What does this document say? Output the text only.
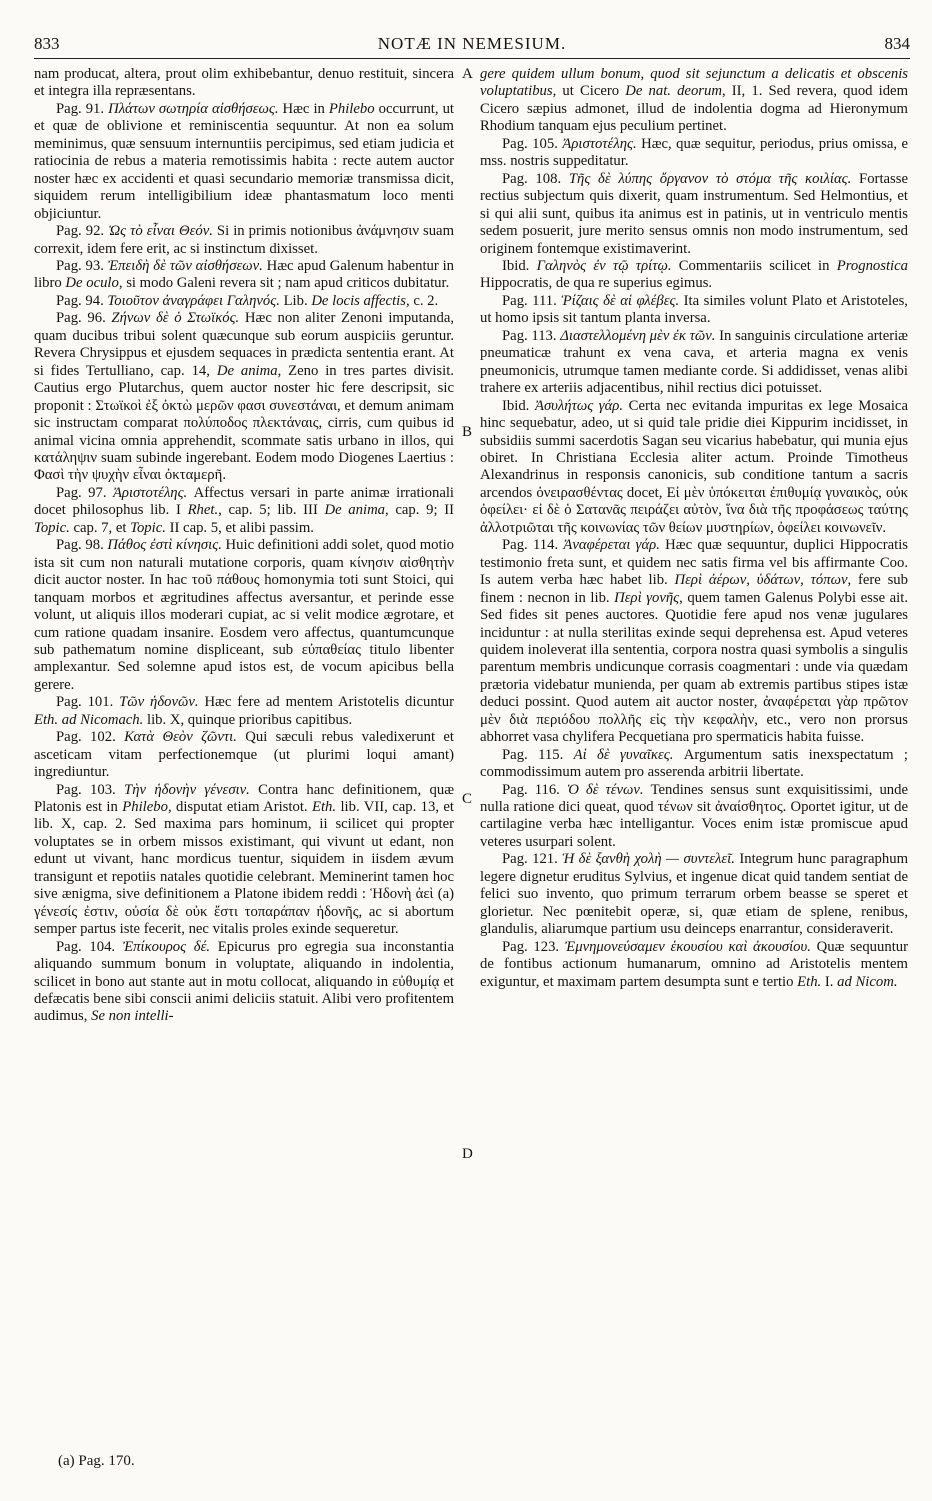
833	NOTÆ IN NEMESIUM.	834

nam producat, altera, prout olim exhibebantur, denuo restituit, sincera et integra illa repræsentans.

Pag. 91. Πλάτων σωτηρία αἰσθήσεως. Hæc in Philebo occurrunt, ut et quæ de oblivione et reminiscentia sequuntur. At non ea solum meminimus, quæ sensuum internuntiis percipimus, sed etiam judicia et ratiocinia de rebus a materia remotissimis habita : recte autem auctor noster hæc ex accidenti et quasi secundario memoriæ transmissa dicit, siquidem rerum intelligibilium ideæ phantasmatum loco menti objiciuntur.

Pag. 92. Ὡς τὸ εἶναι Θεόν. Si in primis notionibus ἀνάμνησιν suam correxit, idem fere erit, ac si instinctum dixisset.

Pag. 93. Ἐπειδὴ δὲ τῶν αἰσθήσεων. Hæc apud Galenum habentur in libro De oculo, si modo Galeni revera sit ; nam apud criticos dubitatur.

Pag. 94. Τοιοῦτον ἀναγράφει Γαληνός. Lib. De locis affectis, c. 2.

Pag. 96. Ζήνων δὲ ὁ Στωϊκός. Hæc non aliter Zenoni imputanda, quam ducibus tribui solent quæcunque sub eorum auspiciis geruntur. Revera Chrysippus et ejusdem sequaces in prædicta sententia erant. At si fides Tertulliano, cap. 14, De anima, Zeno in tres partes divisit. Cautius ergo Plutarchus, quem auctor noster hic fere descripsit, sic proponit : Στωϊκοὶ ἐξ ὀκτὼ μερῶν φασι συνεστάναι, et demum animam sic instructam comparat πολύποδος πλεκτάναις, cirris, cum quibus id animal vicina omnia apprehendit, scommate satis urbano in illos, qui κατάληψιν suam subinde ingerebant. Eodem modo Diogenes Laertius : Φασὶ τὴν ψυχὴν εἶναι ὀκταμερῆ.

Pag. 97. Ἀριστοτέλης. Affectus versari in parte animæ irrationali docet philosophus lib. I Rhet., cap. 5; lib. III De anima, cap. 9; II Topic. cap. 7, et Topic. II cap. 5, et alibi passim.

Pag. 98. Πάθος ἐστὶ κίνησις. Huic definitioni addi solet, quod motio ista sit cum non naturali mutatione corporis, quam κίνησιν αἰσθητὴν dicit auctor noster. In hac τοῦ πάθους homonymia toti sunt Stoici, qui tanquam morbos et ægritudines affectus aversantur, et perinde esse volunt, ut aliquis illos moderari cupiat, ac si velit modice ægrotare, et cum ratione quadam insanire. Eosdem vero affectus, quantumcunque sub pathematum nomine displiceant, sub εὐπαθείας titulo libenter amplexantur. Sed solemne apud istos est, de vocum apicibus bella gerere.

Pag. 101. Τῶν ἡδονῶν. Hæc fere ad mentem Aristotelis dicuntur Eth. ad Nicomach. lib. X, quinque prioribus capitibus.

Pag. 102. Κατὰ Θεὸν ζῶντι. Qui sæculi rebus valedixerunt et asceticam vitam perfectionemque (ut plurimi loqui amant) ingrediuntur.

Pag. 103. Τὴν ἡδονὴν γένεσιν. Contra hanc definitionem, quæ Platonis est in Philebo, disputat etiam Aristot. Eth. lib. VII, cap. 13, et lib. X, cap. 2. Sed maxima pars hominum, ii scilicet qui propter voluptates se in orbem missos existimant, qui vivunt ut edant, non edunt ut vivant, hanc mordicus tuentur, siquidem in iisdem ævum transigunt et repotiis natales quotidie celebrant. Meminerint tamen hoc sive ænigma, sive definitionem a Platone ibidem reddi : Ἡδονὴ ἀεὶ (a) γένεσίς ἐστιν, οὐσία δὲ οὐκ ἔστι τοπαράπαν ἡδονῆς, ac si abortum semper partus iste fecerit, nec vitalis proles exinde sequeretur.

Pag. 104. Ἐπίκουρος δέ. Epicurus pro egregia sua inconstantia aliquando summum bonum in voluptate, aliquando in indolentia, scilicet in bono aut stante aut in motu collocat, aliquando in εὐθυμίᾳ et defæcatis bene sibi conscii animi deliciis statuit. Alibi vero profitentem audimus, Se non intelli-

gere quidem ullum bonum, quod sit sejunctum a delicatis et obscenis voluptatibus, ut Cicero De nat. deorum, II, 1. Sed revera, quod idem Cicero sæpius admonet, illud de indolentia dogma ad Hieronymum Rhodium tanquam ejus peculium pertinet.

Pag. 105. Ἀριστοτέλης. Hæc, quæ sequitur, periodus, prius omissa, e mss. nostris suppeditatur.

Pag. 108. Τῆς δὲ λύπης ὄργανον τὸ στόμα τῆς κοιλίας. Fortasse rectius subjectum quis dixerit, quam instrumentum. Sed Helmontius, et si qui alii sunt, quibus ita animus est in patinis, ut in ventriculo mentis sedem posuerit, jure merito sensus omnis non modo instrumentum, sed originem fontemque existimaverint.

Ibid. Γαληνὸς ἐν τῷ τρίτῳ. Commentariis scilicet in Prognostica Hippocratis, de qua re superius egimus.

Pag. 111. Ῥίζαις δὲ αἱ φλέβες. Ita similes volunt Plato et Aristoteles, ut homo ipsis sit tantum planta inversa.

Pag. 113. Διαστελλομένη μὲν ἐκ τῶν. In sanguinis circulatione arteriæ pneumaticæ trahunt ex vena cava, et arteria magna ex venis pneumonicis, utrumque tamen mediante corde. Si addidisset, venas alibi trahere ex arteriis adjacentibus, nihil rectius dici potuisset.

Ibid. Ἀσυλήτως γάρ. Certa nec evitanda impuritas ex lege Mosaica hinc sequebatur, adeo, ut si quid tale pridie diei Kippurim incidisset, in subsidiis summi sacerdotis Sagan seu vicarius habebatur, qui munia ejus obiret. In Christiana Ecclesia aliter actum. Proinde Timotheus Alexandrinus in responsis canonicis, sub conditione tantum a sacris arcendos ὀνειρασθέντας docet, Εἰ μὲν ὑπόκειται ἐπιθυμίᾳ γυναικὸς, οὐκ ὀφείλει· εἰ δὲ ὁ Σατανᾶς πειράζει αὐτὸν, ἵνα διὰ τῆς προφάσεως ταύτης ἀλλοτριῶται τῆς κοινωνίας τῶν θείων μυστηρίων, ὀφείλει κοινωνεῖν.

Pag. 114. Ἀναφέρεται γάρ. Hæc quæ sequuntur, duplici Hippocratis testimonio freta sunt, et quidem nec satis firma vel bis affirmante Coo. Is autem verba hæc habet lib. Περὶ ἀέρων, ὑδάτων, τόπων, fere sub finem : necnon in lib. Περὶ γονῆς, quem tamen Galenus Polybi esse ait. Sed fides sit penes auctores. Quotidie fere apud nos venæ jugulares inciduntur : at nulla sterilitas exinde sequi deprehensa est. Apud veteres quidem inoleverat illa sententia, corpora nostra quasi symbolis a singulis parentum membris undicunque corrasis coagmentari : unde via quædam prætoria videbatur munienda, per quam ab extremis partibus stipes istæ deduci possint. Quod autem ait auctor noster, ἀναφέρεται γὰρ πρῶτον μὲν διὰ περιόδου πολλῆς εἰς τὴν κεφαλὴν, etc., vero non prorsus abhorret vasa chylifera Pecquetiana pro spermaticis habita fuisse.

Pag. 115. Αἱ δὲ γυναῖκες. Argumentum satis inexspectatum ; commodissimum autem pro asserenda arbitrii libertate.

Pag. 116. Ὁ δὲ τένων. Tendines sensus sunt exquisitissimi, unde nulla ratione dici queat, quod τένων sit ἀναίσθητος. Oportet igitur, ut de cartilagine verba hæc intelligantur. Voces enim istæ promiscue apud veteres usurpari solent.

Pag. 121. Ἡ δὲ ξανθὴ χολὴ — συντελεῖ. Integrum hunc paragraphum legere dignetur eruditus Sylvius, et ingenue dicat quid tandem sentiat de felici suo invento, quo primum terrarum orbem beasse se speret et glorietur. Nec pœnitebit operæ, si, quæ etiam de splene, renibus, glandulis, aliarumque partium usu deinceps enarrantur, consideraverit.

Pag. 123. Ἐμνημονεύσαμεν ἑκουσίου καὶ ἀκουσίου. Quæ sequuntur de fontibus actionum humanarum, omnino ad Aristotelis mentem exiguntur, et maximam partem desumpta sunt e tertio Eth. I. ad Nicom.

A
B
C
D
(a) Pag. 170.
